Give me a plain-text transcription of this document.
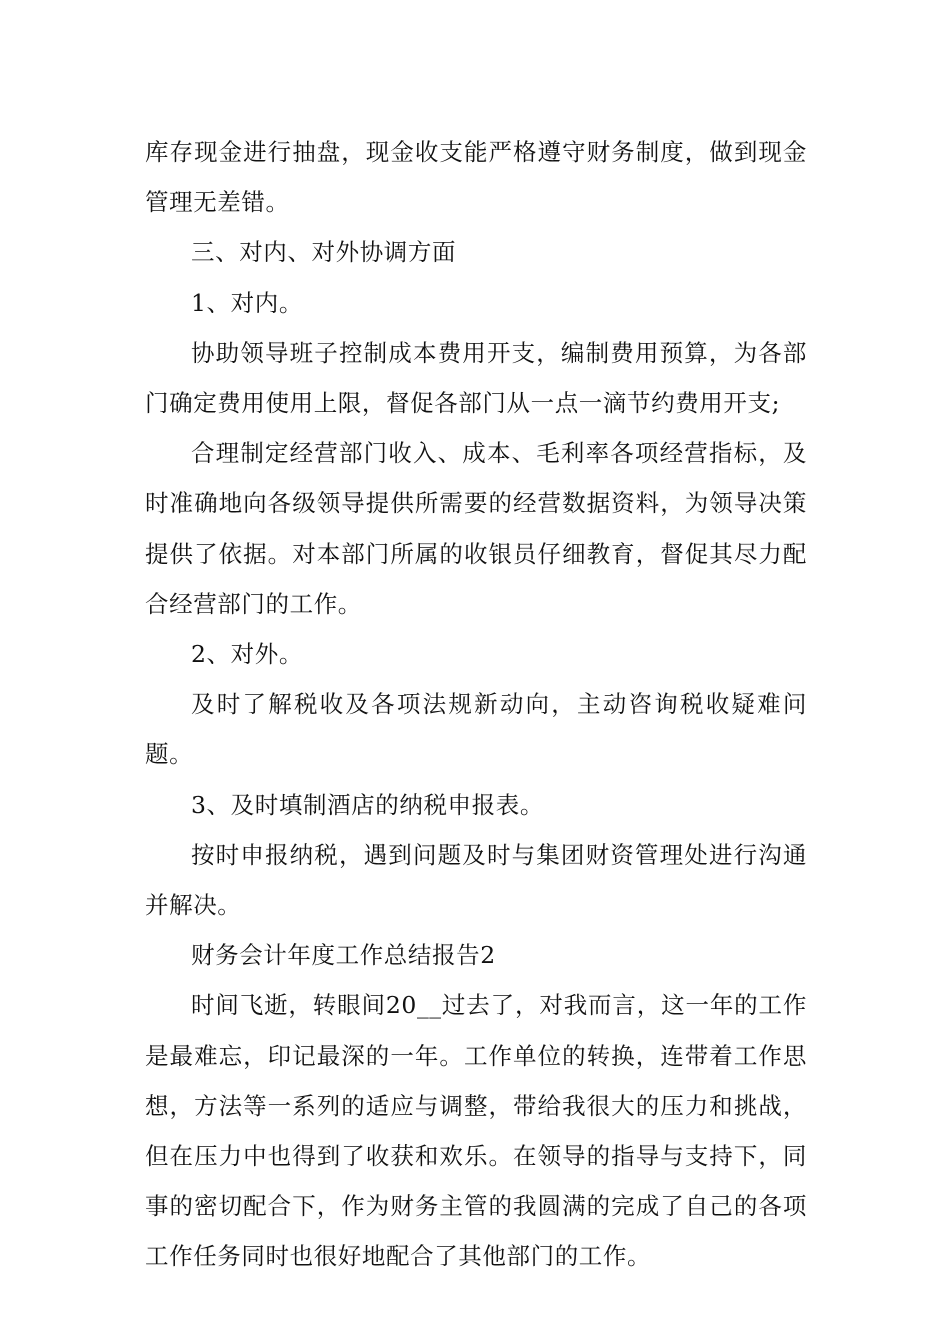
库存现金进行抽盘，现金收支能严格遵守财务制度，做到现金管理无差错。

三、对内、对外协调方面

1、对内。

协助领导班子控制成本费用开支，编制费用预算，为各部门确定费用使用上限，督促各部门从一点一滴节约费用开支;

合理制定经营部门收入、成本、毛利率各项经营指标，及时准确地向各级领导提供所需要的经营数据资料，为领导决策提供了依据。对本部门所属的收银员仔细教育，督促其尽力配合经营部门的工作。

2、对外。

及时了解税收及各项法规新动向，主动咨询税收疑难问题。

3、及时填制酒店的纳税申报表。

按时申报纳税，遇到问题及时与集团财资管理处进行沟通并解决。

财务会计年度工作总结报告2

时间飞逝，转眼间20__过去了，对我而言，这一年的工作是最难忘，印记最深的一年。工作单位的转换，连带着工作思想，方法等一系列的适应与调整，带给我很大的压力和挑战，但在压力中也得到了收获和欢乐。在领导的指导与支持下，同事的密切配合下，作为财务主管的我圆满的完成了自己的各项工作任务同时也很好地配合了其他部门的工作。
